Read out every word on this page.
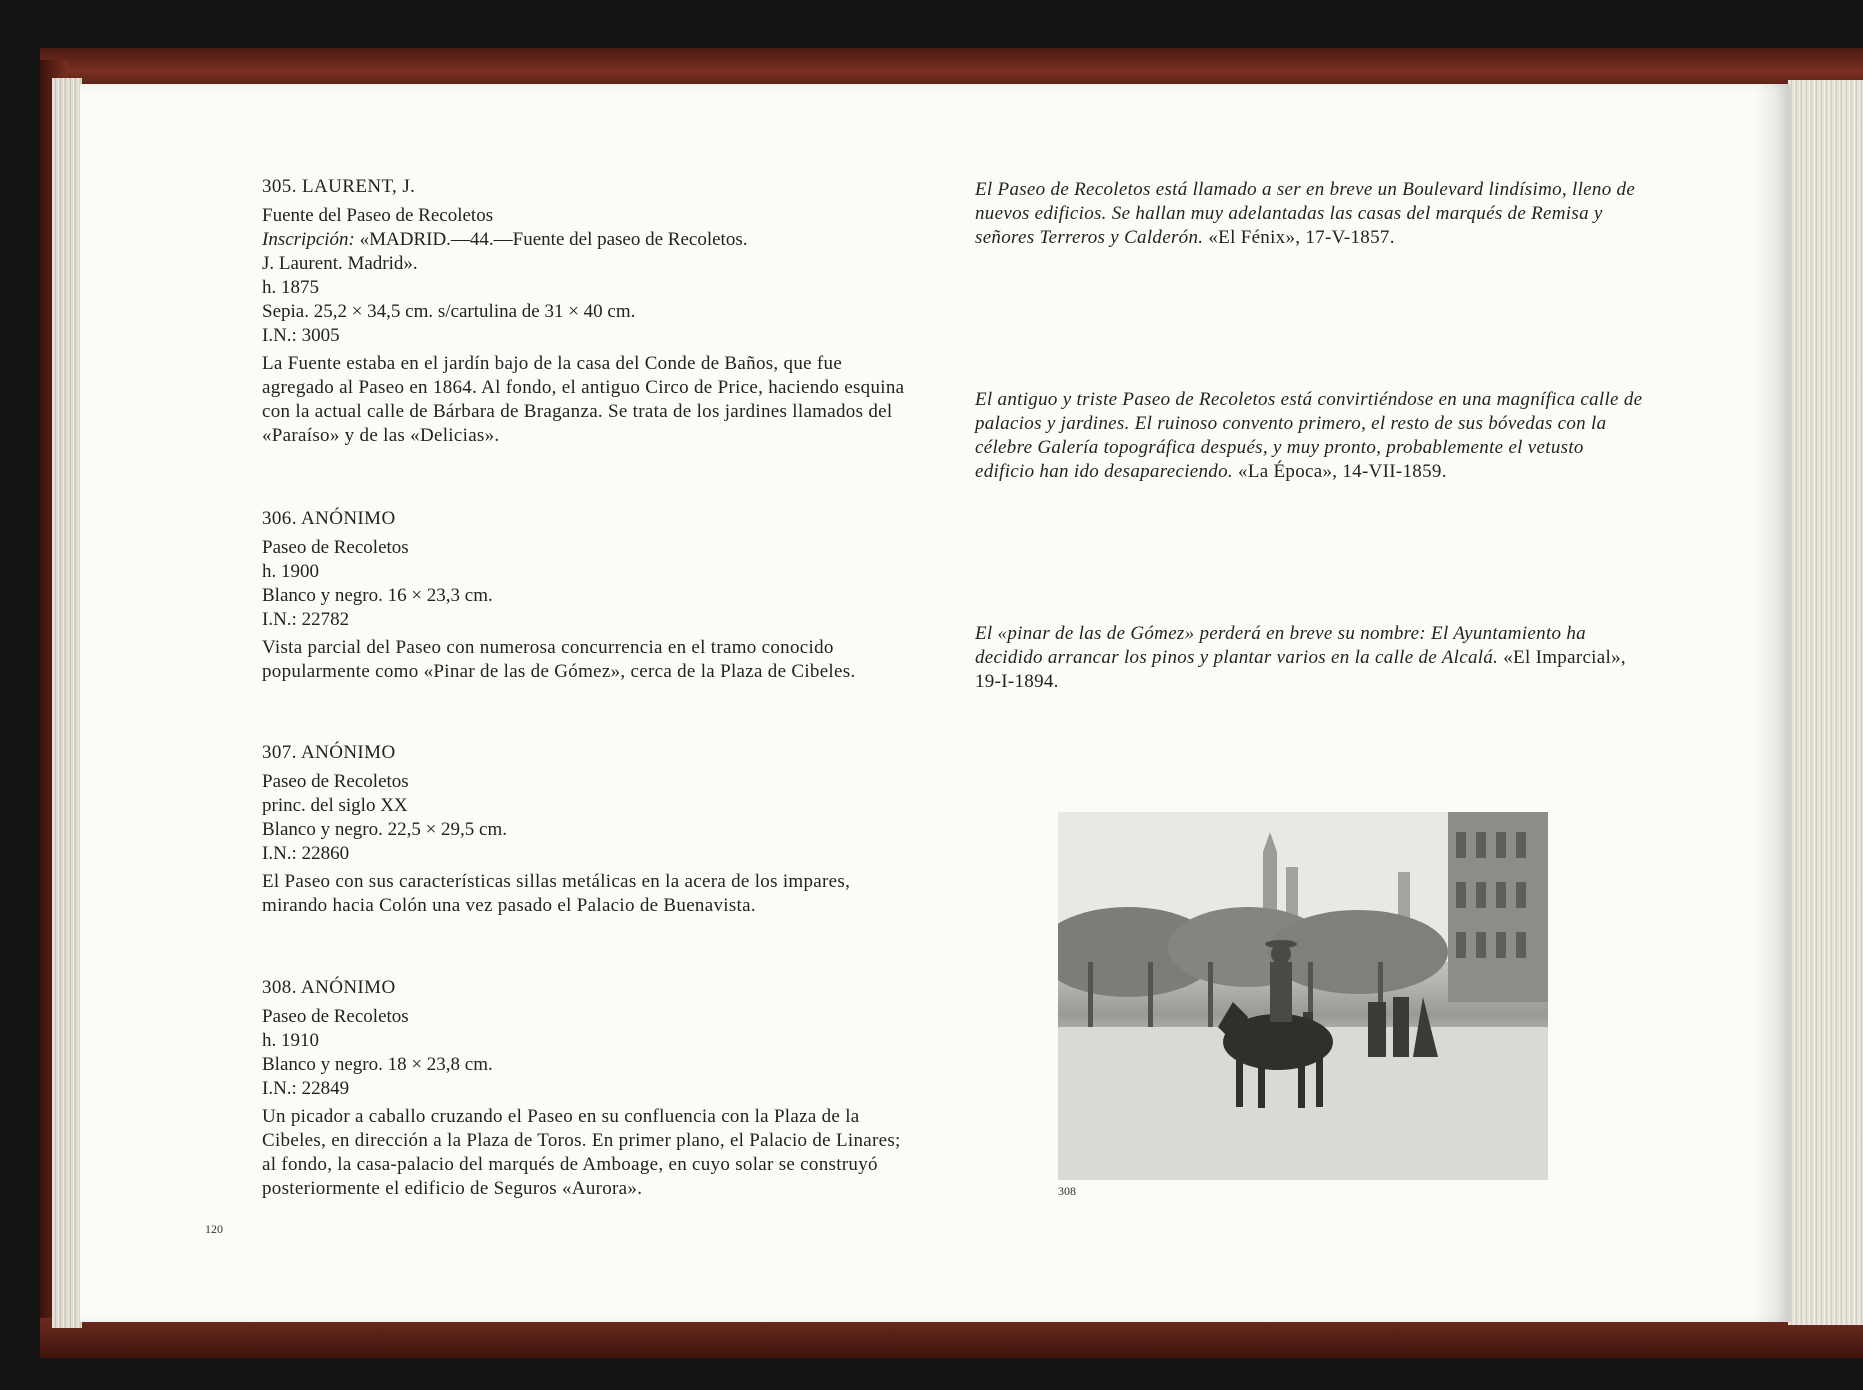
305. LAURENT, J.
Fuente del Paseo de Recoletos
Inscripción: «MADRID.—44.—Fuente del paseo de Recoletos.
J. Laurent. Madrid».
h. 1875
Sepia. 25,2 × 34,5 cm. s/cartulina de 31 × 40 cm.
I.N.: 3005
La Fuente estaba en el jardín bajo de la casa del Conde de Baños, que fue agregado al Paseo en 1864. Al fondo, el antiguo Circo de Price, haciendo esquina con la actual calle de Bárbara de Braganza. Se trata de los jardines llamados del «Paraíso» y de las «Delicias».
306. ANÓNIMO
Paseo de Recoletos
h. 1900
Blanco y negro. 16 × 23,3 cm.
I.N.: 22782
Vista parcial del Paseo con numerosa concurrencia en el tramo conocido popularmente como «Pinar de las de Gómez», cerca de la Plaza de Cibeles.
307. ANÓNIMO
Paseo de Recoletos
princ. del siglo XX
Blanco y negro. 22,5 × 29,5 cm.
I.N.: 22860
El Paseo con sus características sillas metálicas en la acera de los impares, mirando hacia Colón una vez pasado el Palacio de Buenavista.
308. ANÓNIMO
Paseo de Recoletos
h. 1910
Blanco y negro. 18 × 23,8 cm.
I.N.: 22849
Un picador a caballo cruzando el Paseo en su confluencia con la Plaza de la Cibeles, en dirección a la Plaza de Toros. En primer plano, el Palacio de Linares; al fondo, la casa-palacio del marqués de Amboage, en cuyo solar se construyó posteriormente el edificio de Seguros «Aurora».
120
El Paseo de Recoletos está llamado a ser en breve un Boulevard lindísimo, lleno de nuevos edificios. Se hallan muy adelantadas las casas del marqués de Remisa y señores Terreros y Calderón. «El Fénix», 17-V-1857.
El antiguo y triste Paseo de Recoletos está convirtiéndose en una magnífica calle de palacios y jardines. El ruinoso convento primero, el resto de sus bóvedas con la célebre Galería topográfica después, y muy pronto, probablemente el vetusto edificio han ido desapareciendo. «La Época», 14-VII-1859.
El «pinar de las de Gómez» perderá en breve su nombre: El Ayuntamiento ha decidido arrancar los pinos y plantar varios en la calle de Alcalá. «El Imparcial», 19-I-1894.
308
